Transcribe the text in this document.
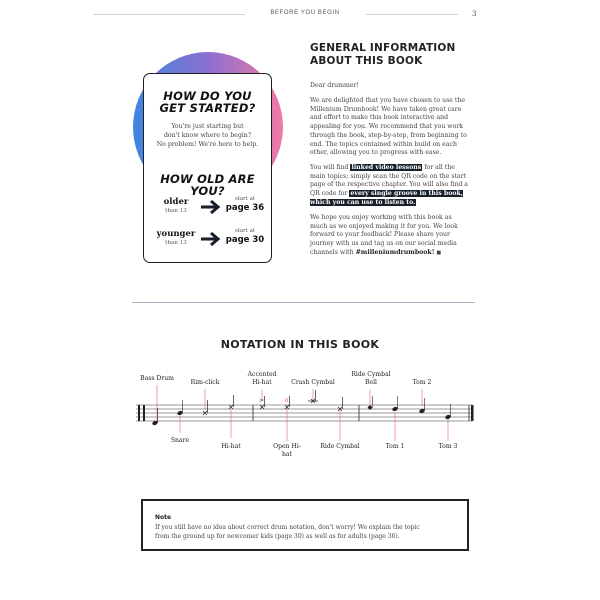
BEFORE YOU BEGIN	3
HOW DO YOU
GET STARTED?
You're just starting but
don't know where to begin?
No problem! We're here to help.
HOW OLD ARE YOU?
older
than 13
start at
page 36
younger
than 13
start at
page 30
GENERAL INFORMATION
ABOUT THIS BOOK
Dear drummer!
We are delighted that you have chosen to use the Millenium Drumbook! We have taken great care and effort to make this book interactive and appealing for you. We recommend that you work through the book, step-by-step, from beginning to end. The topics contained within build on each other, allowing you to progress with ease.
You will find linked video lessons for all the main topics; simply scan the QR code on the start page of the respective chapter. You will also find a QR code for every single groove in this book, which you can use to listen to.
We hope you enjoy working with this book as much as we enjoyed making it for you. We look forward to your feedback! Please share your journey with us and tag us on our social media channels with #milleniumdrumbook! ■
NOTATION IN THIS BOOK
Bass Drum
Rim-click
Accented Hi-hat	Crash Cymbal
Ride Cymbal Bell	Tom 2
>	o
Snare
Hi-hat	Open Hi-hat
Ride Cymbal	Tom 1	Tom 3
Note
If you still have no idea about correct drum notation, don't worry! We explain the topic
from the ground up for newcomer kids (page 30) as well as for adults (page 36).
